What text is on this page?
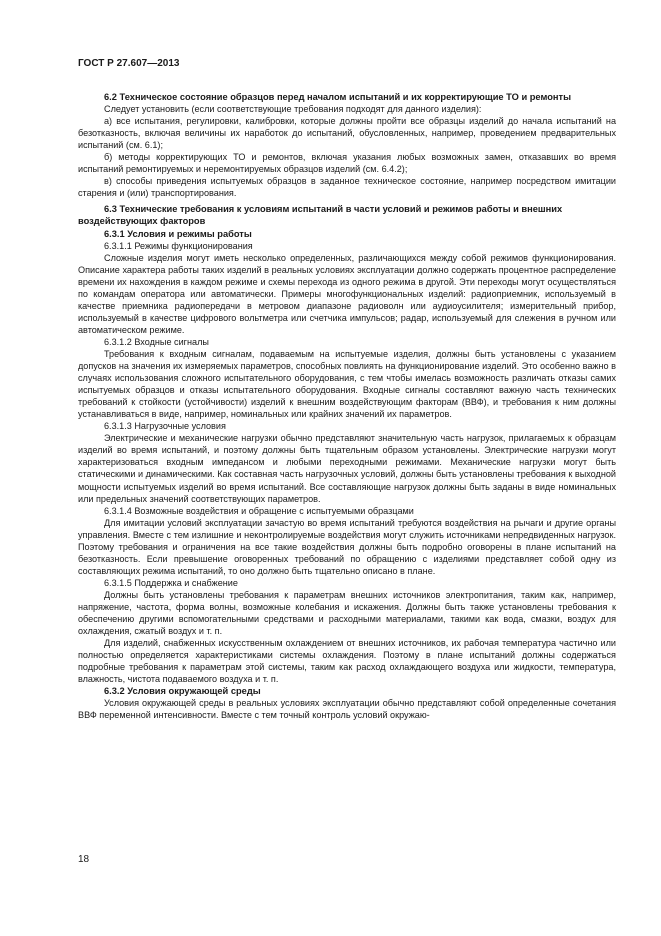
ГОСТ Р 27.607—2013

6.2 Техническое состояние образцов перед началом испытаний и их корректирующие ТО и ремонты

Следует установить (если соответствующие требования подходят для данного изделия):

а) все испытания, регулировки, калибровки, которые должны пройти все образцы изделий до начала испытаний на безотказность, включая величины их наработок до испытаний, обусловленных, например, проведением предварительных испытаний (см. 6.1);

б) методы корректирующих ТО и ремонтов, включая указания любых возможных замен, отказавших во время испытаний ремонтируемых и неремонтируемых образцов изделий (см. 6.4.2);

в) способы приведения испытуемых образцов в заданное техническое состояние, например посредством имитации старения и (или) транспортирования.

6.3 Технические требования к условиям испытаний в части условий и режимов работы и внешних воздействующих факторов

6.3.1 Условия и режимы работы

6.3.1.1 Режимы функционирования

Сложные изделия могут иметь несколько определенных, различающихся между собой режимов функционирования. Описание характера работы таких изделий в реальных условиях эксплуатации должно содержать процентное распределение времени их нахождения в каждом режиме и схемы перехода из одного режима в другой. Эти переходы могут осуществляться по командам оператора или автоматически. Примеры многофункциональных изделий: радиоприемник, используемый в качестве приемника радиопередачи в метровом диапазоне радиоволн или аудиоусилителя; измерительный прибор, используемый в качестве цифрового вольтметра или счетчика импульсов; радар, используемый для слежения в ручном или автоматическом режиме.

6.3.1.2 Входные сигналы

Требования к входным сигналам, подаваемым на испытуемые изделия, должны быть установлены с указанием допусков на значения их измеряемых параметров, способных повлиять на функционирование изделий. Это особенно важно в случаях использования сложного испытательного оборудования, с тем чтобы имелась возможность различать отказы самих испытуемых образцов и отказы испытательного оборудования. Входные сигналы составляют важную часть технических требований к стойкости (устойчивости) изделий к внешним воздействующим факторам (ВВФ), и требования к ним должны устанавливаться в виде, например, номинальных или крайних значений их параметров.

6.3.1.3 Нагрузочные условия

Электрические и механические нагрузки обычно представляют значительную часть нагрузок, прилагаемых к образцам изделий во время испытаний, и поэтому должны быть тщательным образом установлены. Электрические нагрузки могут характеризоваться входным импедансом и любыми переходными режимами. Механические нагрузки могут быть статическими и динамическими. Как составная часть нагрузочных условий, должны быть установлены требования к выходной мощности испытуемых изделий во время испытаний. Все составляющие нагрузок должны быть заданы в виде номинальных или предельных значений соответствующих параметров.

6.3.1.4 Возможные воздействия и обращение с испытуемыми образцами

Для имитации условий эксплуатации зачастую во время испытаний требуются воздействия на рычаги и другие органы управления. Вместе с тем излишние и неконтролируемые воздействия могут служить источниками непредвиденных нагрузок. Поэтому требования и ограничения на все такие воздействия должны быть подробно оговорены в плане испытаний на безотказность. Если превышение оговоренных требований по обращению с изделиями представляет собой одну из составляющих режима испытаний, то оно должно быть тщательно описано в плане.

6.3.1.5 Поддержка и снабжение

Должны быть установлены требования к параметрам внешних источников электропитания, таким как, например, напряжение, частота, форма волны, возможные колебания и искажения. Должны быть также установлены требования к обеспечению другими вспомогательными средствами и расходными материалами, такими как вода, смазки, воздух для охлаждения, сжатый воздух и т. п.

Для изделий, снабженных искусственным охлаждением от внешних источников, их рабочая температура частично или полностью определяется характеристиками системы охлаждения. Поэтому в плане испытаний должны содержаться подробные требования к параметрам этой системы, таким как расход охлаждающего воздуха или жидкости, температура, влажность, чистота подаваемого воздуха и т. п.

6.3.2 Условия окружающей среды

Условия окружающей среды в реальных условиях эксплуатации обычно представляют собой определенные сочетания ВВФ переменной интенсивности. Вместе с тем точный контроль условий окружаю-

18
